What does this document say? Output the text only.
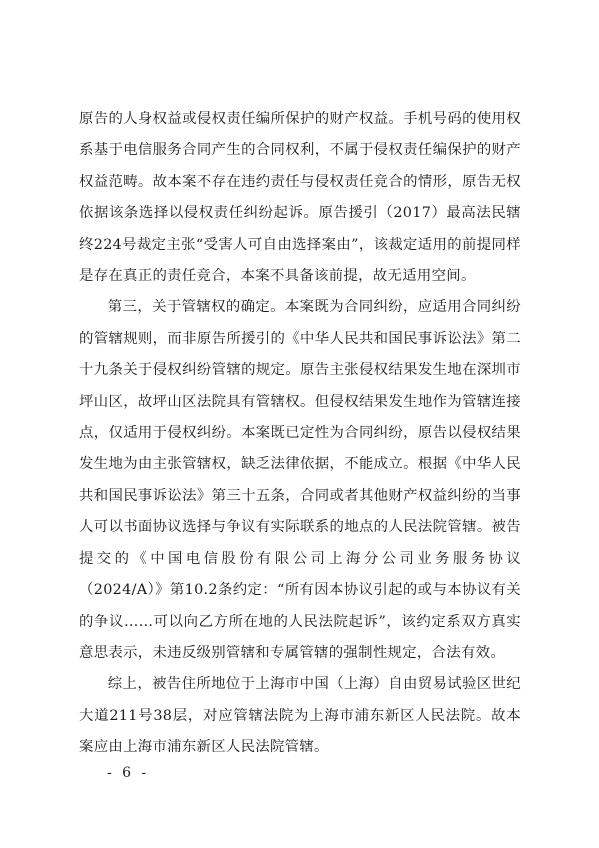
原告的人身权益或侵权责任编所保护的财产权益。手机号码的使用权系基于电信服务合同产生的合同权利，不属于侵权责任编保护的财产权益范畴。故本案不存在违约责任与侵权责任竞合的情形，原告无权依据该条选择以侵权责任纠纷起诉。原告援引（2017）最高法民辖终224号裁定主张“受害人可自由选择案由”，该裁定适用的前提同样是存在真正的责任竞合，本案不具备该前提，故无适用空间。

第三，关于管辖权的确定。本案既为合同纠纷，应适用合同纠纷的管辖规则，而非原告所援引的《中华人民共和国民事诉讼法》第二十九条关于侵权纠纷管辖的规定。原告主张侵权结果发生地在深圳市坪山区，故坪山区法院具有管辖权。但侵权结果发生地作为管辖连接点，仅适用于侵权纠纷。本案既已定性为合同纠纷，原告以侵权结果发生地为由主张管辖权，缺乏法律依据，不能成立。根据《中华人民共和国民事诉讼法》第三十五条，合同或者其他财产权益纠纷的当事人可以书面协议选择与争议有实际联系的地点的人民法院管辖。被告提交的《中国电信股份有限公司上海分公司业务服务协议（2024/A）》第10.2条约定：“所有因本协议引起的或与本协议有关的争议……可以向乙方所在地的人民法院起诉”，该约定系双方真实意思表示，未违反级别管辖和专属管辖的强制性规定，合法有效。

综上，被告住所地位于上海市中国（上海）自由贸易试验区世纪大道211号38层，对应管辖法院为上海市浦东新区人民法院。故本案应由上海市浦东新区人民法院管辖。

- 6 -
